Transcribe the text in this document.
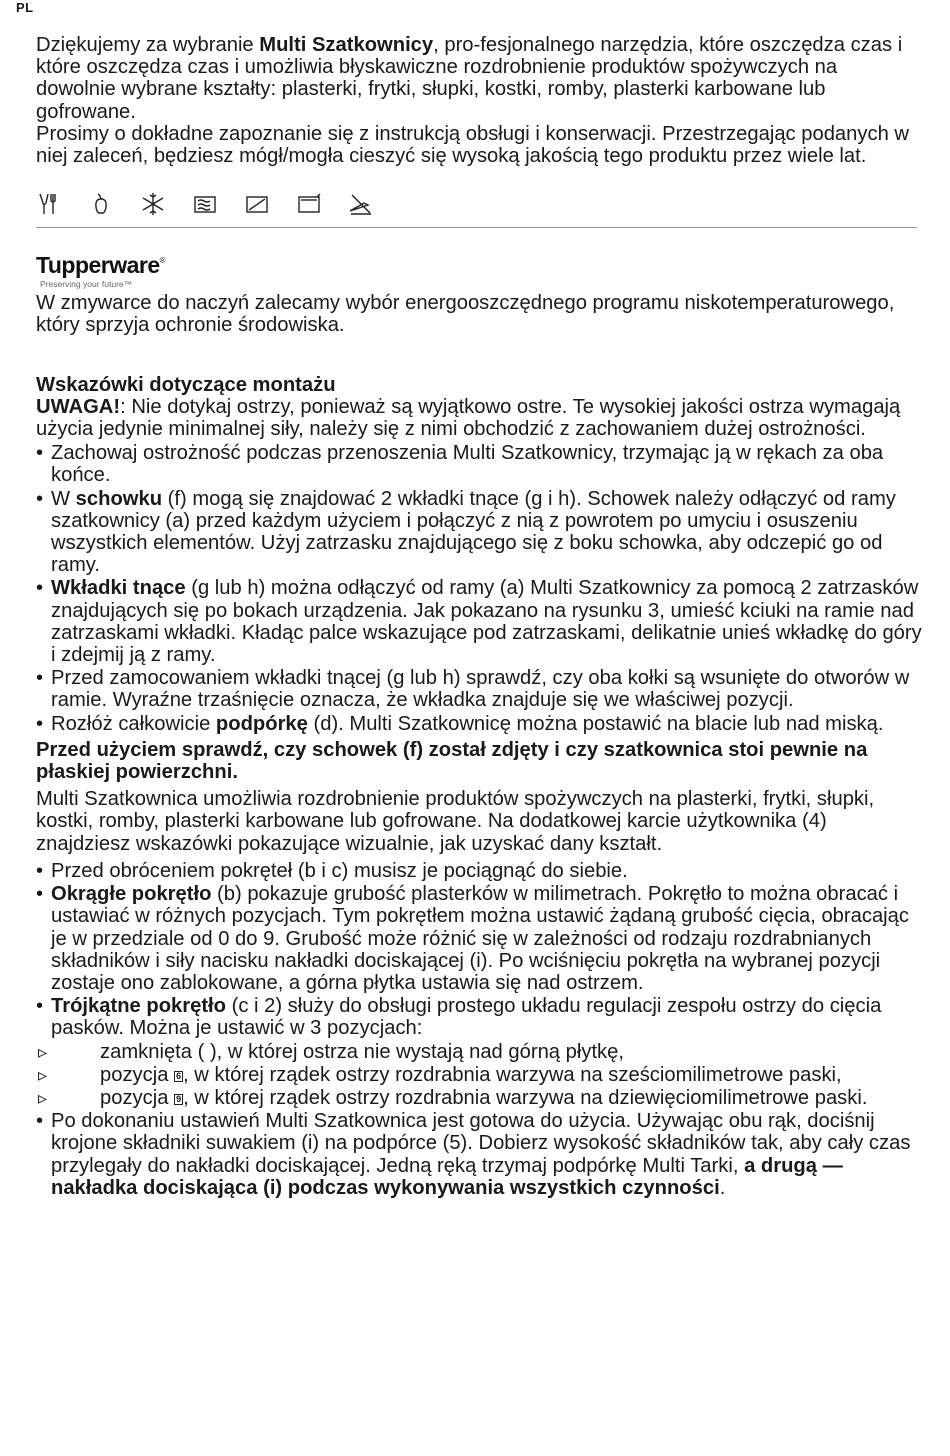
PL

Dziękujemy za wybranie Multi Szatkownicy, pro-fesjonalnego narzędzia, które oszczędza czas i które oszczędza czas i umożliwia błyskawiczne rozdrobnienie produktów spożywczych na dowolnie wybrane kształty: plasterki, frytki, słupki, kostki, romby, plasterki karbowane lub gofrowane.

Prosimy o dokładne zapoznanie się z instrukcją obsługi i konserwacji. Przestrzegając podanych w niej zaleceń, będziesz mógł/mogła cieszyć się wysoką jakością tego produktu przez wiele lat.

Tupperware®
Preserving your future™

W zmywarce do naczyń zalecamy wybór energooszczędnego programu niskotemperaturowego, który sprzyja ochronie środowiska.

Wskazówki dotyczące montażu

UWAGA!: Nie dotykaj ostrzy, ponieważ są wyjątkowo ostre. Te wysokiej jakości ostrza wymagają użycia jedynie minimalnej siły, należy się z nimi obchodzić z zachowaniem dużej ostrożności.

• Zachowaj ostrożność podczas przenoszenia Multi Szatkownicy, trzymając ją w rękach za oba końce.
• W schowku (f) mogą się znajdować 2 wkładki tnące (g i h). Schowek należy odłączyć od ramy szatkownicy (a) przed każdym użyciem i połączyć z nią z powrotem po umyciu i osuszeniu wszystkich elementów. Użyj zatrzasku znajdującego się z boku schowka, aby odczepić go od ramy.
• Wkładki tnące (g lub h) można odłączyć od ramy (a) Multi Szatkownicy za pomocą 2 zatrzasków znajdujących się po bokach urządzenia. Jak pokazano na rysunku 3, umieść kciuki na ramie nad zatrzaskami wkładki. Kładąc palce wskazujące pod zatrzaskami, delikatnie unieś wkładkę do góry i zdejmij ją z ramy.
• Przed zamocowaniem wkładki tnącej (g lub h) sprawdź, czy oba kołki są wsunięte do otworów w ramie. Wyraźne trzaśnięcie oznacza, że wkładka znajduje się we właściwej pozycji.
• Rozłóż całkowicie podpórkę (d). Multi Szatkownicę można postawić na blacie lub nad miską.

Przed użyciem sprawdź, czy schowek (f) został zdjęty i czy szatkownica stoi pewnie na płaskiej powierzchni.

Multi Szatkownica umożliwia rozdrobnienie produktów spożywczych na plasterki, frytki, słupki, kostki, romby, plasterki karbowane lub gofrowane. Na dodatkowej karcie użytkownika (4) znajdziesz wskazówki pokazujące wizualnie, jak uzyskać dany kształt.

• Przed obróceniem pokręteł (b i c) musisz je pociągnąć do siebie.
• Okrągłe pokrętło (b) pokazuje grubość plasterków w milimetrach. Pokrętło to można obracać i ustawiać w różnych pozycjach. Tym pokrętłem można ustawić żądaną grubość cięcia, obracając je w przedziale od 0 do 9. Grubość może różnić się w zależności od rodzaju rozdrabnianych składników i siły nacisku nakładki dociskającej (i). Po wciśnięciu pokrętła na wybranej pozycji zostaje ono zablokowane, a górna płytka ustawia się nad ostrzem.
• Trójkątne pokrętło (c i 2) służy do obsługi prostego układu regulacji zespołu ostrzy do cięcia pasków. Można je ustawić w 3 pozycjach:
▹ zamknięta ( ), w której ostrza nie wystają nad górną płytkę,
▹ pozycja 6, w której rządek ostrzy rozdrabnia warzywa na sześciomilimetrowe paski,
▹ pozycja 9, w której rządek ostrzy rozdrabnia warzywa na dziewięciomilimetrowe paski.
• Po dokonaniu ustawień Multi Szatkownica jest gotowa do użycia. Używając obu rąk, dociśnij krojone składniki suwakiem (i) na podpórce (5). Dobierz wysokość składników tak, aby cały czas przylegały do nakładki dociskającej. Jedną ręką trzymaj podpórkę Multi Tarki, a drugą — nakładka dociskająca (i) podczas wykonywania wszystkich czynności.
